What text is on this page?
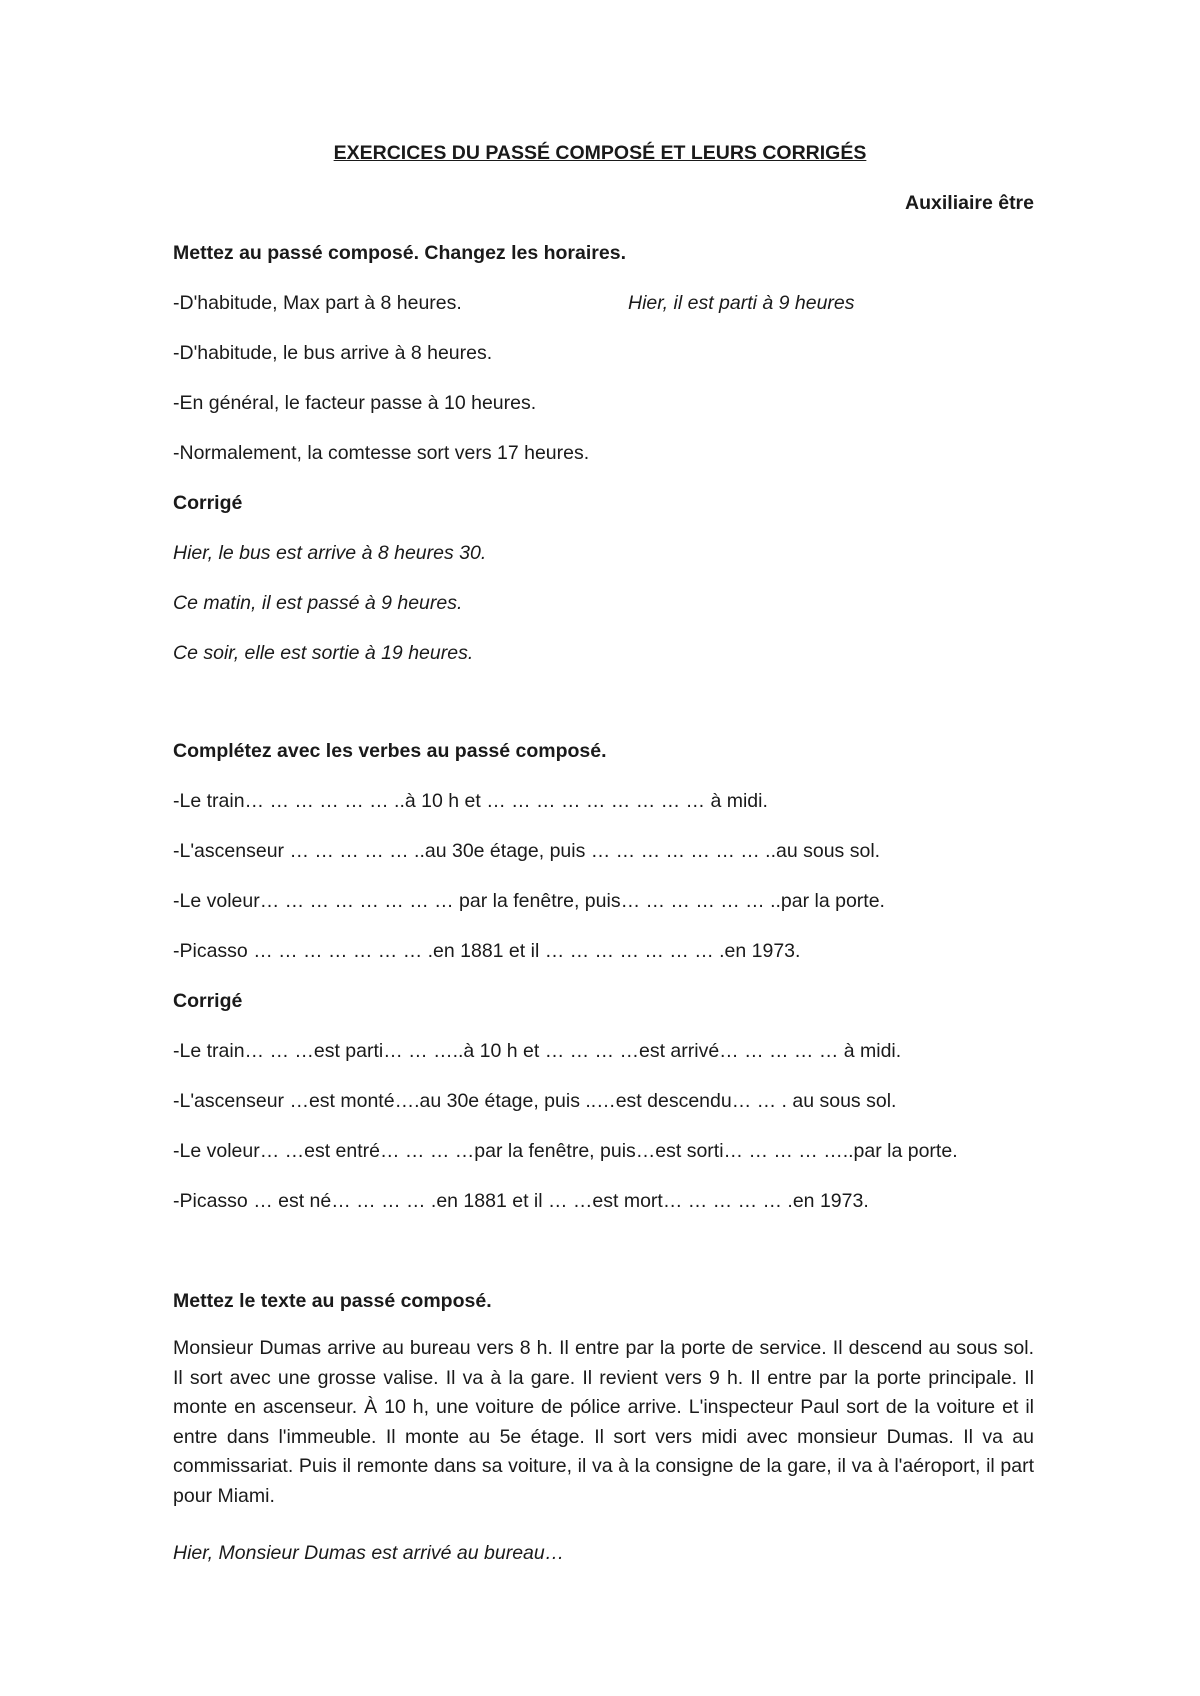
EXERCICES DU PASSÉ COMPOSÉ ET LEURS CORRIGÉS
Auxiliaire être
Mettez au passé composé. Changez les horaires.
-D'habitude, Max part à 8 heures.	Hier, il est parti à 9 heures
-D'habitude, le bus arrive à 8 heures.
-En général, le facteur passe à 10 heures.
-Normalement, la comtesse sort vers 17 heures.
Corrigé
Hier, le bus est arrive à 8 heures 30.
Ce matin, il est passé à 9 heures.
Ce soir, elle est sortie à 19 heures.
Complétez avec les verbes au passé composé.
-Le train… … … … … … ..à 10 h et … … … … … … … … … à midi.
-L'ascenseur … … … … … ..au 30e étage, puis … … … … … … … ..au sous sol.
-Le voleur… … … … … … … … par la fenêtre, puis… … … … … … ..par la porte.
-Picasso … … … … … … … .en 1881 et il … … … … … … … .en 1973.
Corrigé
-Le train… … …est parti… … …..à 10 h et … … … …est arrivé… … … … … à midi.
-L'ascenseur …est monté….au 30e étage, puis ..…est descendu… … . au sous sol.
-Le voleur… …est entré… … … …par la fenêtre, puis…est sorti… … … … …..par la porte.
-Picasso … est né… … … … .en 1881 et il … …est mort… … … … … .en 1973.
Mettez le texte au passé composé.
Monsieur Dumas arrive au bureau vers 8 h. Il entre par la porte de service. Il descend au sous sol. Il sort avec une grosse valise. Il va à la gare. Il revient vers 9 h. Il entre par la porte principale. Il monte en ascenseur. À 10 h, une voiture de pólice arrive. L'inspecteur Paul sort de la voiture et il entre dans l'immeuble. Il monte au 5e étage. Il sort vers midi avec monsieur Dumas. Il va au commissariat. Puis il remonte dans sa voiture, il va à la consigne de la gare, il va à l'aéroport, il part pour Miami.
Hier, Monsieur Dumas est arrivé au bureau…
